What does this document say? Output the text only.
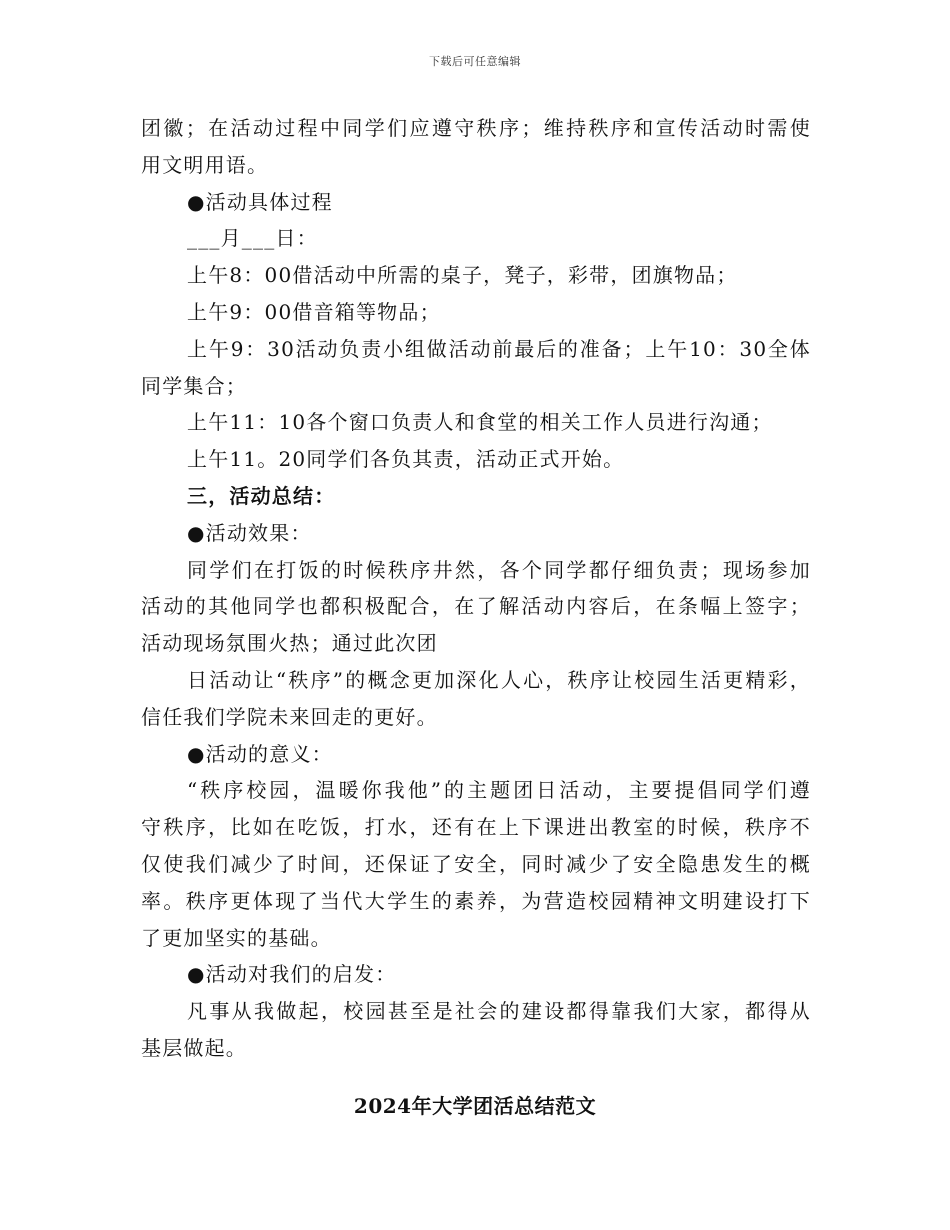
下载后可任意编辑
团徽；在活动过程中同学们应遵守秩序；维持秩序和宣传活动时需使
用文明用语。
●活动具体过程
___月___日：
上午8：00借活动中所需的桌子，凳子，彩带，团旗物品；
上午9：00借音箱等物品；
上午9：30活动负责小组做活动前最后的准备；上午10：30全体
同学集合；
上午11：10各个窗口负责人和食堂的相关工作人员进行沟通；
上午11。20同学们各负其责，活动正式开始。
三，活动总结：
●活动效果：
同学们在打饭的时候秩序井然，各个同学都仔细负责；现场参加
活动的其他同学也都积极配合，在了解活动内容后，在条幅上签字；
活动现场氛围火热；通过此次团
日活动让“秩序”的概念更加深化人心，秩序让校园生活更精彩，
信任我们学院未来回走的更好。
●活动的意义：
“秩序校园，温暖你我他”的主题团日活动，主要提倡同学们遵
守秩序，比如在吃饭，打水，还有在上下课进出教室的时候，秩序不
仅使我们减少了时间，还保证了安全，同时减少了安全隐患发生的概
率。秩序更体现了当代大学生的素养，为营造校园精神文明建设打下
了更加坚实的基础。
●活动对我们的启发：
凡事从我做起，校园甚至是社会的建设都得靠我们大家，都得从
基层做起。
2024年大学团活总结范文
